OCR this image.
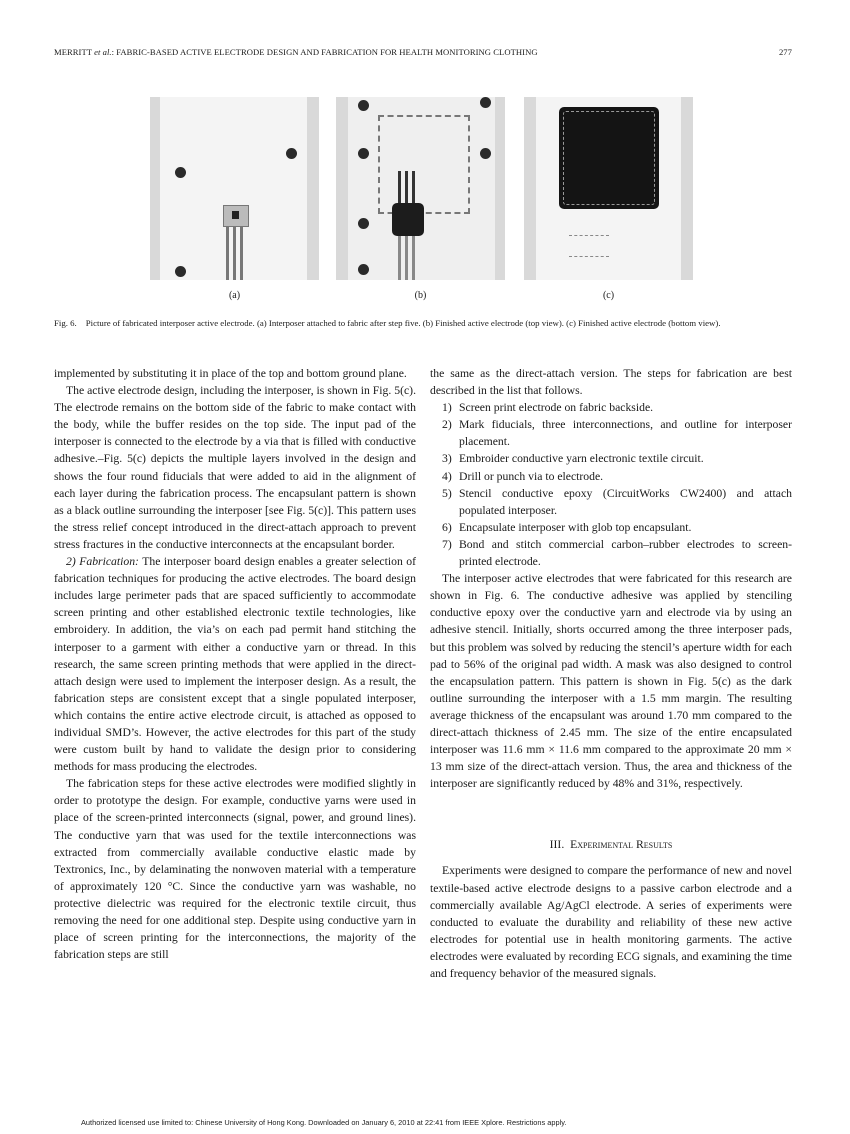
MERRITT et al.: FABRIC-BASED ACTIVE ELECTRODE DESIGN AND FABRICATION FOR HEALTH MONITORING CLOTHING	277
(a)	(b)	(c)
Fig. 6. Picture of fabricated interposer active electrode. (a) Interposer attached to fabric after step five. (b) Finished active electrode (top view). (c) Finished active electrode (bottom view).

implemented by substituting it in place of the top and bottom ground plane.

The active electrode design, including the interposer, is shown in Fig. 5(c). The electrode remains on the bottom side of the fabric to make contact with the body, while the buffer resides on the top side. The input pad of the interposer is connected to the electrode by a via that is filled with conductive adhesive.–Fig. 5(c) depicts the multiple layers involved in the design and shows the four round fiducials that were added to aid in the alignment of each layer during the fabrication process. The encapsulant pattern is shown as a black outline surrounding the interposer [see Fig. 5(c)]. This pattern uses the stress relief concept introduced in the direct-attach approach to prevent stress fractures in the conductive interconnects at the encapsulant border.

2) Fabrication: The interposer board design enables a greater selection of fabrication techniques for producing the active electrodes. The board design includes large perimeter pads that are spaced sufficiently to accommodate screen printing and other established electronic textile technologies, like embroidery. In addition, the via’s on each pad permit hand stitching the interposer to a garment with either a conductive yarn or thread. In this research, the same screen printing methods that were applied in the direct-attach design were used to implement the interposer design. As a result, the fabrication steps are consistent except that a single populated interposer, which contains the entire active electrode circuit, is attached as opposed to individual SMD’s. However, the active electrodes for this part of the study were custom built by hand to validate the design prior to considering methods for mass producing the electrodes.

The fabrication steps for these active electrodes were modified slightly in order to prototype the design. For example, conductive yarns were used in place of the screen-printed interconnects (signal, power, and ground lines). The conductive yarn that was used for the textile interconnections was extracted from commercially available conductive elastic made by Textronics, Inc., by delaminating the nonwoven material with a temperature of approximately 120 °C. Since the conductive yarn was washable, no protective dielectric was required for the electronic textile circuit, thus removing the need for one additional step. Despite using conductive yarn in place of screen printing for the interconnections, the majority of the fabrication steps are still

the same as the direct-attach version. The steps for fabrication are best described in the list that follows.

1) Screen print electrode on fabric backside.
2) Mark fiducials, three interconnections, and outline for interposer placement.
3) Embroider conductive yarn electronic textile circuit.
4) Drill or punch via to electrode.
5) Stencil conductive epoxy (CircuitWorks CW2400) and attach populated interposer.
6) Encapsulate interposer with glob top encapsulant.
7) Bond and stitch commercial carbon–rubber electrodes to screen-printed electrode.

The interposer active electrodes that were fabricated for this research are shown in Fig. 6. The conductive adhesive was applied by stenciling conductive epoxy over the conductive yarn and electrode via by using an adhesive stencil. Initially, shorts occurred among the three interposer pads, but this problem was solved by reducing the stencil’s aperture width for each pad to 56% of the original pad width. A mask was also designed to control the encapsulation pattern. This pattern is shown in Fig. 5(c) as the dark outline surrounding the interposer with a 1.5 mm margin. The resulting average thickness of the encapsulant was around 1.70 mm compared to the direct-attach thickness of 2.45 mm. The size of the entire encapsulated interposer was 11.6 mm × 11.6 mm compared to the approximate 20 mm × 13 mm size of the direct-attach version. Thus, the area and thickness of the interposer are significantly reduced by 48% and 31%, respectively.

III. Experimental Results

Experiments were designed to compare the performance of new and novel textile-based active electrode designs to a passive carbon electrode and a commercially available Ag/AgCl electrode. A series of experiments were conducted to evaluate the durability and reliability of these new active electrodes for potential use in health monitoring garments. The active electrodes were evaluated by recording ECG signals, and examining the time and frequency behavior of the measured signals.

Authorized licensed use limited to: Chinese University of Hong Kong. Downloaded on January 6, 2010 at 22:41 from IEEE Xplore. Restrictions apply.
